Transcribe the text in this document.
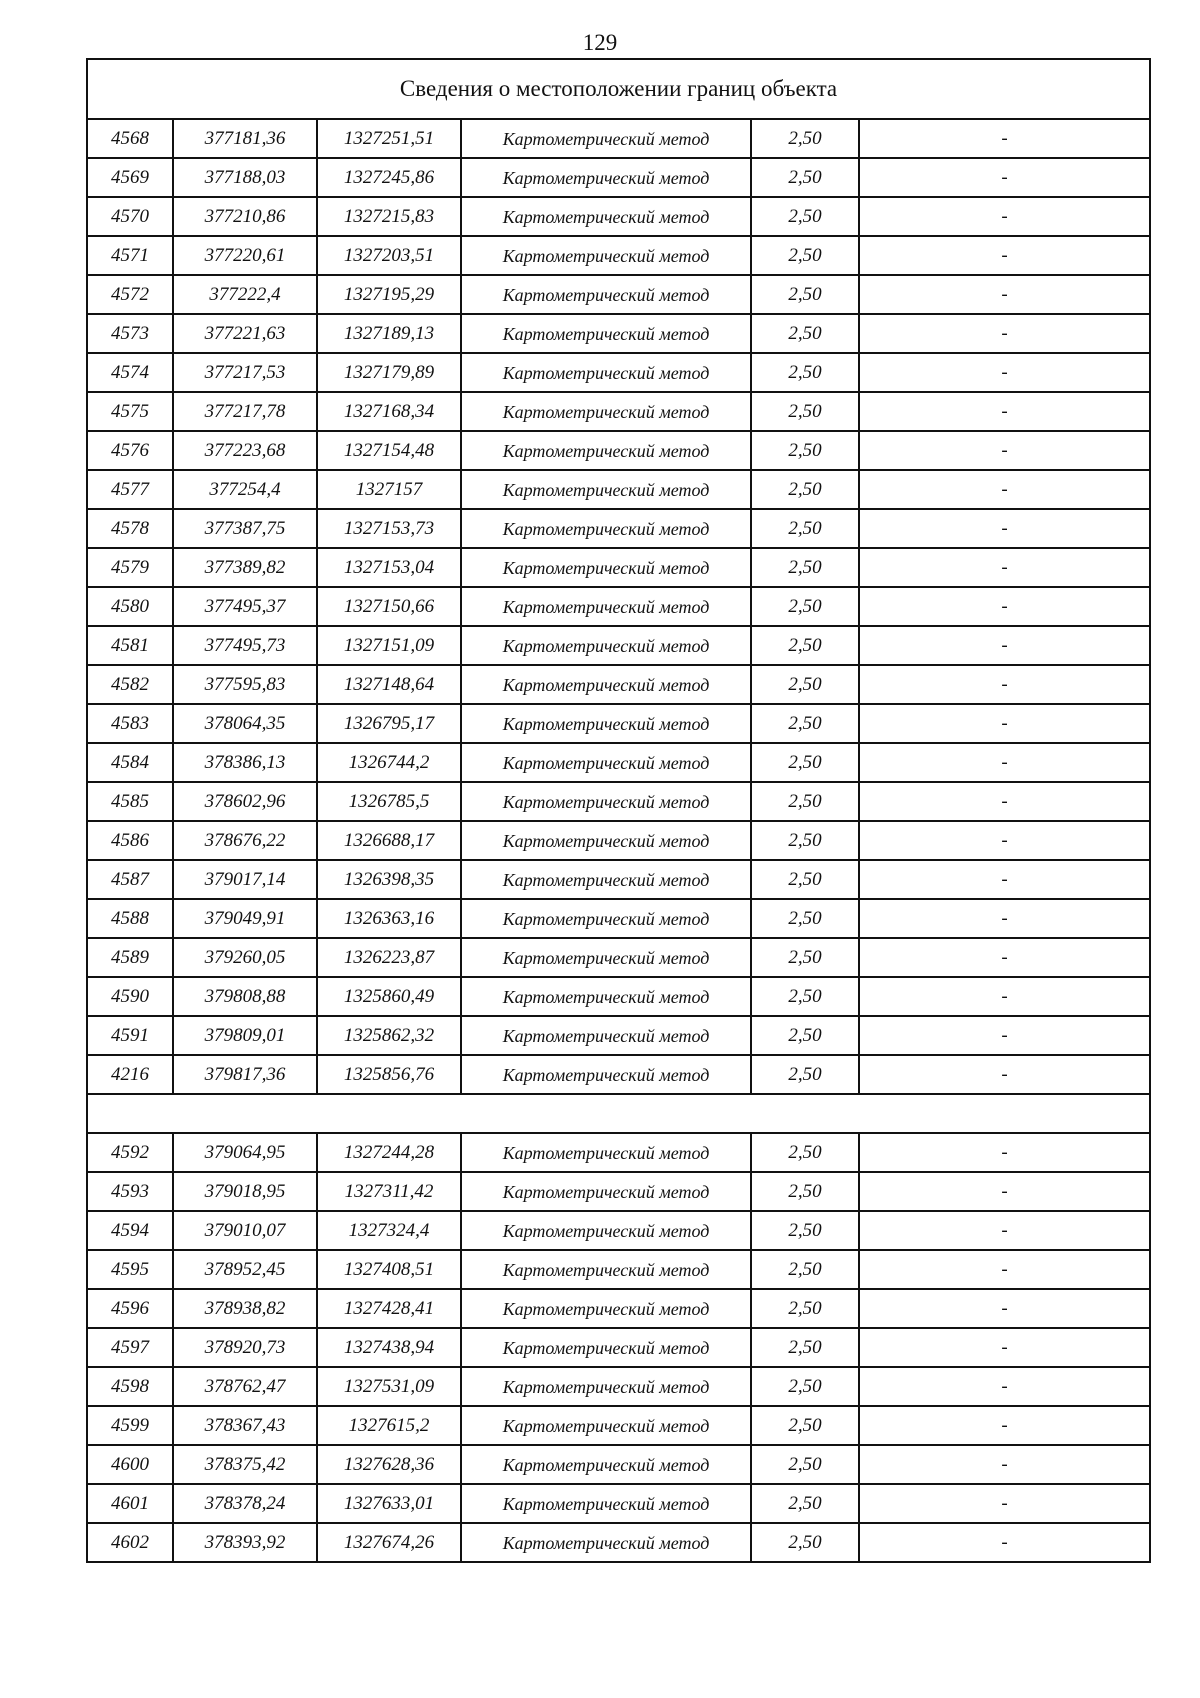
129
Сведения о местоположении границ объекта					
4568	377181,36	1327251,51	Картометрический метод	2,50	-
4569	377188,03	1327245,86	Картометрический метод	2,50	-
4570	377210,86	1327215,83	Картометрический метод	2,50	-
4571	377220,61	1327203,51	Картометрический метод	2,50	-
4572	377222,4	1327195,29	Картометрический метод	2,50	-
4573	377221,63	1327189,13	Картометрический метод	2,50	-
4574	377217,53	1327179,89	Картометрический метод	2,50	-
4575	377217,78	1327168,34	Картометрический метод	2,50	-
4576	377223,68	1327154,48	Картометрический метод	2,50	-
4577	377254,4	1327157	Картометрический метод	2,50	-
4578	377387,75	1327153,73	Картометрический метод	2,50	-
4579	377389,82	1327153,04	Картометрический метод	2,50	-
4580	377495,37	1327150,66	Картометрический метод	2,50	-
4581	377495,73	1327151,09	Картометрический метод	2,50	-
4582	377595,83	1327148,64	Картометрический метод	2,50	-
4583	378064,35	1326795,17	Картометрический метод	2,50	-
4584	378386,13	1326744,2	Картометрический метод	2,50	-
4585	378602,96	1326785,5	Картометрический метод	2,50	-
4586	378676,22	1326688,17	Картометрический метод	2,50	-
4587	379017,14	1326398,35	Картометрический метод	2,50	-
4588	379049,91	1326363,16	Картометрический метод	2,50	-
4589	379260,05	1326223,87	Картометрический метод	2,50	-
4590	379808,88	1325860,49	Картометрический метод	2,50	-
4591	379809,01	1325862,32	Картометрический метод	2,50	-
4216	379817,36	1325856,76	Картометрический метод	2,50	-

4592	379064,95	1327244,28	Картометрический метод	2,50	-
4593	379018,95	1327311,42	Картометрический метод	2,50	-
4594	379010,07	1327324,4	Картометрический метод	2,50	-
4595	378952,45	1327408,51	Картометрический метод	2,50	-
4596	378938,82	1327428,41	Картометрический метод	2,50	-
4597	378920,73	1327438,94	Картометрический метод	2,50	-
4598	378762,47	1327531,09	Картометрический метод	2,50	-
4599	378367,43	1327615,2	Картометрический метод	2,50	-
4600	378375,42	1327628,36	Картометрический метод	2,50	-
4601	378378,24	1327633,01	Картометрический метод	2,50	-
4602	378393,92	1327674,26	Картометрический метод	2,50	-
